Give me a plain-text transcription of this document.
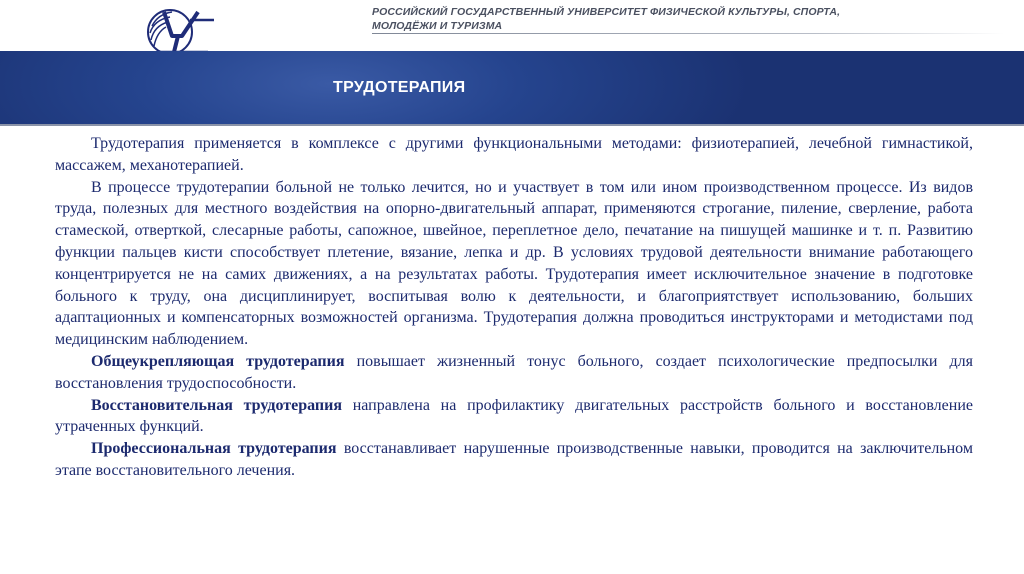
РОССИЙСКИЙ ГОСУДАРСТВЕННЫЙ УНИВЕРСИТЕТ ФИЗИЧЕСКОЙ КУЛЬТУРЫ, СПОРТА,
МОЛОДЁЖИ И ТУРИЗМА
ТРУДОТЕРАПИЯ

Трудотерапия применяется в комплексе с другими функциональными методами: физиотерапией, лечебной гимнастикой, массажем, механотерапией.

В процессе трудотерапии больной не только лечится, но и участвует в том или ином производственном процессе. Из видов труда, полезных для местного воздействия на опорно-двигательный аппарат, применяются строгание, пиление, сверление, работа стамеской, отверткой, слесарные работы, сапожное, швейное, переплетное дело, печатание на пишущей машинке и т. п. Развитию функции пальцев кисти способствует плетение, вязание, лепка и др. В условиях трудовой деятельности внимание работающего концентрируется не на самих движениях, а на результатах работы. Трудотерапия имеет исключительное значение в подготовке больного к труду, она дисциплинирует, воспитывая волю к деятельности, и благоприятствует использованию, больших адаптационных и компенсаторных возможностей организма. Трудотерапия должна проводиться инструкторами и методистами под медицинским наблюдением.

Общеукрепляющая трудотерапия повышает жизненный тонус больного, создает психологические предпосылки для восстановления трудоспособности.

Восстановительная трудотерапия направлена на профилактику двигательных расстройств больного и восстановление утраченных функций.

Профессиональная трудотерапия восстанавливает нарушенные производственные навыки, проводится на заключительном этапе восстановительного лечения.
